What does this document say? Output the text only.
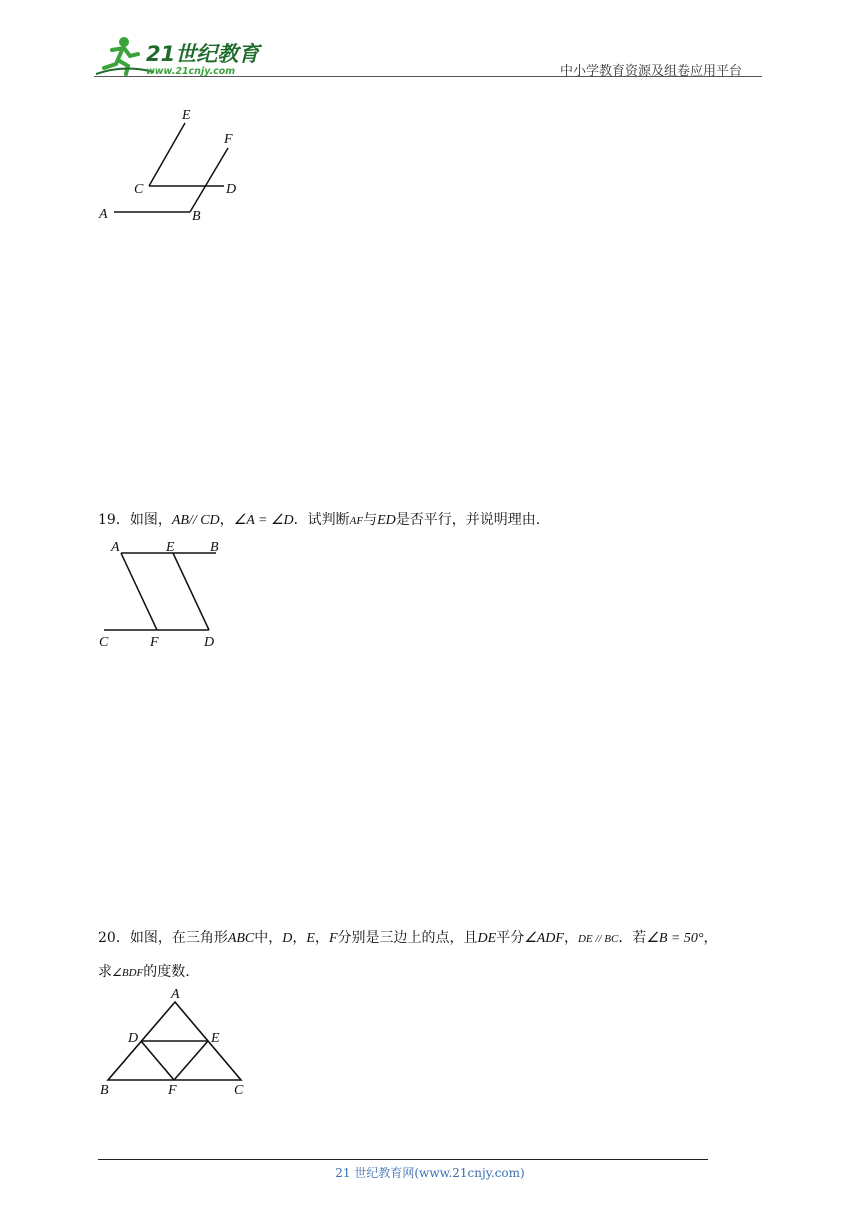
21世纪教育
www.21cnjy.com	中小学教育资源及组卷应用平台
E
F
C	D
A	B
19．如图，AB// CD，∠A = ∠D．试判断AF与ED是否平行，并说明理由.
A	E	B
C	F	D
20．如图，在三角形ABC中，D，E，F分别是三边上的点，且DE平分∠ADF，DE // BC．若∠B = 50°，
求∠BDF的度数.
A
D	E
B	F	C
21 世纪教育网(www.21cnjy.com)
